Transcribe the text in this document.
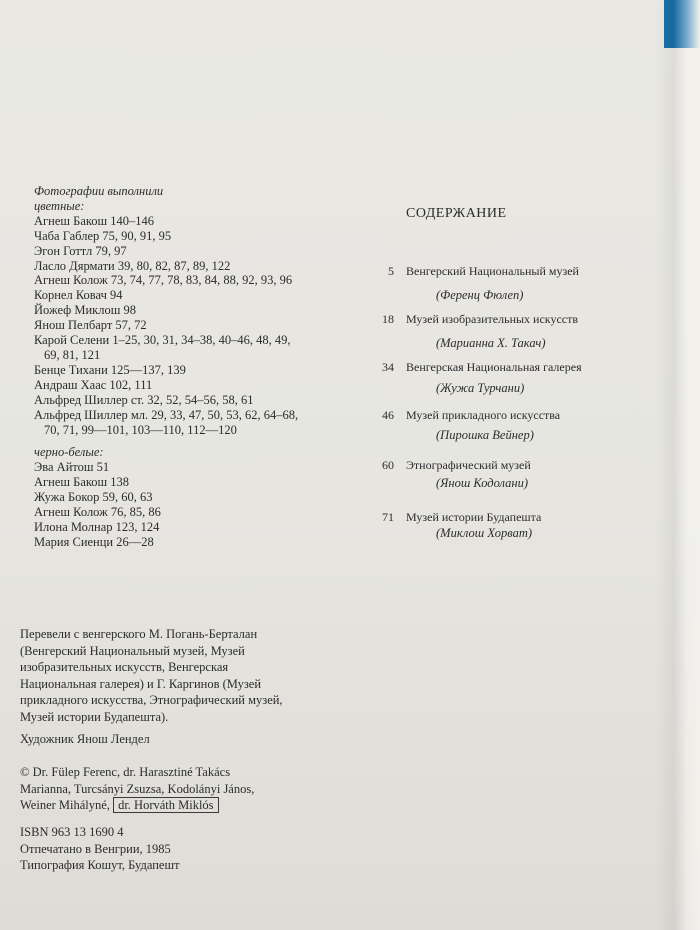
Фотографии выполнили
цветные:
Агнеш Бакош 140–146
Чаба Габлер 75, 90, 91, 95
Эгон Готтл 79, 97
Ласло Дярмати 39, 80, 82, 87, 89, 122
Агнеш Колож 73, 74, 77, 78, 83, 84, 88, 92, 93, 96
Корнел Ковач 94
Йожеф Миклош 98
Янош Пелбарт 57, 72
Карой Селени 1–25, 30, 31, 34–38, 40–46, 48, 49,
69, 81, 121
Бенце Тихани 125—137, 139
Андраш Хаас 102, 111
Альфред Шиллер ст. 32, 52, 54–56, 58, 61
Альфред Шиллер мл. 29, 33, 47, 50, 53, 62, 64–68,
70, 71, 99—101, 103—110, 112—120
черно-белые:
Эва Айтош 51
Агнеш Бакош 138
Жужа Бокор 59, 60, 63
Агнеш Колож 76, 85, 86
Илона Молнар 123, 124
Мария Сиенци 26—28
СОДЕРЖАНИЕ
5 Венгерский Национальный музей
(Ференц Фюлеп)
18 Музей изобразительных искусств
(Марианна Х. Такач)
34 Венгерская Национальная галерея
(Жужа Турчани)
46 Музей прикладного искусства
(Пирошка Вейнер)
60 Этнографический музей
(Янош Кодолани)
71 Музей истории Будапешта
(Миклош Хорват)
Перевели с венгерского М. Погань-Берталан
(Венгерский Национальный музей, Музей
изобразительных искусств, Венгерская
Национальная галерея) и Г. Каргинов (Музей
прикладного искусства, Этнографический музей,
Музей истории Будапешта).
Художник Янош Лендел
© Dr. Fülep Ferenc, dr. Harasztiné Takács
Marianna, Turcsányi Zsuzsa, Kodolányi János,
Weiner Mihályné, dr. Horváth Miklós
ISBN 963 13 1690 4
Отпечатано в Венгрии, 1985
Типография Кошут, Будапешт
